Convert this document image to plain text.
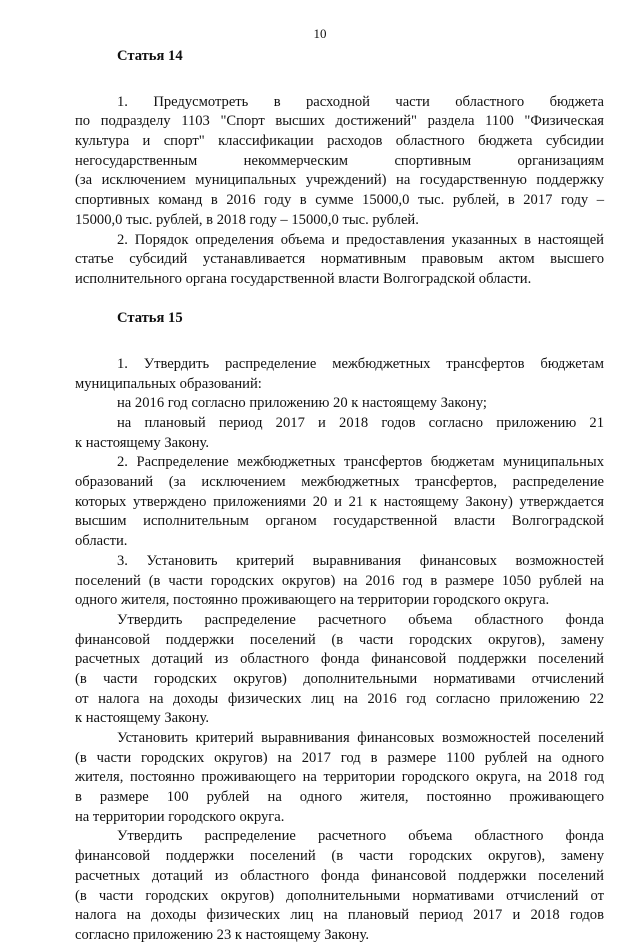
10
Статья 14
1. Предусмотреть в расходной части областного бюджета
по подразделу 1103 "Спорт высших достижений" раздела 1100 "Физическая
культура и спорт" классификации расходов областного бюджета субсидии
негосударственным некоммерческим спортивным организациям
(за исключением муниципальных учреждений) на государственную поддержку
спортивных команд в 2016 году в сумме 15000,0 тыс. рублей, в 2017 году –
15000,0 тыс. рублей, в 2018 году – 15000,0 тыс. рублей.
2. Порядок определения объема и предоставления указанных в настоящей
статье субсидий устанавливается нормативным правовым актом высшего
исполнительного органа государственной власти Волгоградской области.
Статья 15
1. Утвердить распределение межбюджетных трансфертов бюджетам
муниципальных образований:
на 2016 год согласно приложению 20 к настоящему Закону;
на плановый период 2017 и 2018 годов согласно приложению 21
к настоящему Закону.
2. Распределение межбюджетных трансфертов бюджетам муниципальных
образований (за исключением межбюджетных трансфертов, распределение
которых утверждено приложениями 20 и 21 к настоящему Закону) утверждается
высшим исполнительным органом государственной власти Волгоградской
области.
3. Установить критерий выравнивания финансовых возможностей
поселений (в части городских округов) на 2016 год в размере 1050 рублей на
одного жителя, постоянно проживающего на территории городского округа.
Утвердить распределение расчетного объема областного фонда
финансовой поддержки поселений (в части городских округов), замену
расчетных дотаций из областного фонда финансовой поддержки поселений
(в части городских округов) дополнительными нормативами отчислений
от налога на доходы физических лиц на 2016 год согласно приложению 22
к настоящему Закону.
Установить критерий выравнивания финансовых возможностей поселений
(в части городских округов) на 2017 год в размере 1100 рублей на одного
жителя, постоянно проживающего на территории городского округа, на 2018 год
в размере 100 рублей на одного жителя, постоянно проживающего
на территории городского округа.
Утвердить распределение расчетного объема областного фонда
финансовой поддержки поселений (в части городских округов), замену
расчетных дотаций из областного фонда финансовой поддержки поселений
(в части городских округов) дополнительными нормативами отчислений от
налога на доходы физических лиц на плановый период 2017 и 2018 годов
согласно приложению 23 к настоящему Закону.
